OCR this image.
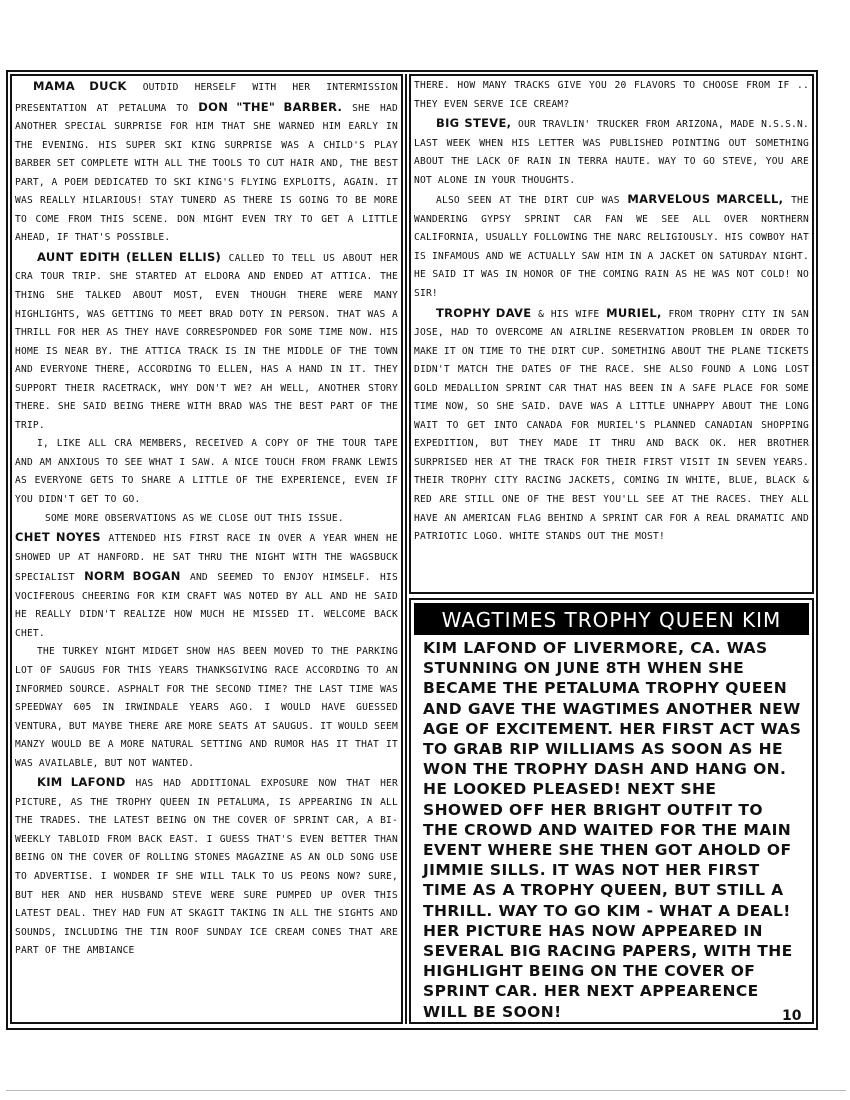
MAMA DUCK OUTDID HERSELF WITH HER INTERMISSION PRESENTATION AT PETALUMA TO DON "THE" BARBER. SHE HAD ANOTHER SPECIAL SURPRISE FOR HIM THAT SHE WARNED HIM EARLY IN THE EVENING. HIS SUPER SKI KING SURPRISE WAS A CHILD'S PLAY BARBER SET COMPLETE WITH ALL THE TOOLS TO CUT HAIR AND, THE BEST PART, A POEM DEDICATED TO SKI KING'S FLYING EXPLOITS, AGAIN. IT WAS REALLY HILARIOUS! STAY TUNERD AS THERE IS GOING TO BE MORE TO COME FROM THIS SCENE. DON MIGHT EVEN TRY TO GET A LITTLE AHEAD, IF THAT'S POSSIBLE.

AUNT EDITH (ELLEN ELLIS) CALLED TO TELL US ABOUT HER CRA TOUR TRIP. SHE STARTED AT ELDORA AND ENDED AT ATTICA. THE THING SHE TALKED ABOUT MOST, EVEN THOUGH THERE WERE MANY HIGHLIGHTS, WAS GETTING TO MEET BRAD DOTY IN PERSON. THAT WAS A THRILL FOR HER AS THEY HAVE CORRESPONDED FOR SOME TIME NOW. HIS HOME IS NEAR BY. THE ATTICA TRACK IS IN THE MIDDLE OF THE TOWN AND EVERYONE THERE, ACCORDING TO ELLEN, HAS A HAND IN IT. THEY SUPPORT THEIR RACETRACK, WHY DON'T WE? AH WELL, ANOTHER STORY THERE. SHE SAID BEING THERE WITH BRAD WAS THE BEST PART OF THE TRIP.

I, LIKE ALL CRA MEMBERS, RECEIVED A COPY OF THE TOUR TAPE AND AM ANXIOUS TO SEE WHAT I SAW. A NICE TOUCH FROM FRANK LEWIS AS EVERYONE GETS TO SHARE A LITTLE OF THE EXPERIENCE, EVEN IF YOU DIDN'T GET TO GO.

SOME MORE OBSERVATIONS AS WE CLOSE OUT THIS ISSUE.

CHET NOYES ATTENDED HIS FIRST RACE IN OVER A YEAR WHEN HE SHOWED UP AT HANFORD. HE SAT THRU THE NIGHT WITH THE WAGSBUCK SPECIALIST NORM BOGAN AND SEEMED TO ENJOY HIMSELF. HIS VOCIFEROUS CHEERING FOR KIM CRAFT WAS NOTED BY ALL AND HE SAID HE REALLY DIDN'T REALIZE HOW MUCH HE MISSED IT. WELCOME BACK CHET.

THE TURKEY NIGHT MIDGET SHOW HAS BEEN MOVED TO THE PARKING LOT OF SAUGUS FOR THIS YEARS THANKSGIVING RACE ACCORDING TO AN INFORMED SOURCE. ASPHALT FOR THE SECOND TIME? THE LAST TIME WAS SPEEDWAY 605 IN IRWINDALE YEARS AGO. I WOULD HAVE GUESSED VENTURA, BUT MAYBE THERE ARE MORE SEATS AT SAUGUS. IT WOULD SEEM MANZY WOULD BE A MORE NATURAL SETTING AND RUMOR HAS IT THAT IT WAS AVAILABLE, BUT NOT WANTED.

KIM LAFOND HAS HAD ADDITIONAL EXPOSURE NOW THAT HER PICTURE, AS THE TROPHY QUEEN IN PETALUMA, IS APPEARING IN ALL THE TRADES. THE LATEST BEING ON THE COVER OF SPRINT CAR, A BI-WEEKLY TABLOID FROM BACK EAST. I GUESS THAT'S EVEN BETTER THAN BEING ON THE COVER OF ROLLING STONES MAGAZINE AS AN OLD SONG USE TO ADVERTISE. I WONDER IF SHE WILL TALK TO US PEONS NOW? SURE, BUT HER AND HER HUSBAND STEVE WERE SURE PUMPED UP OVER THIS LATEST DEAL. THEY HAD FUN AT SKAGIT TAKING IN ALL THE SIGHTS AND SOUNDS, INCLUDING THE TIN ROOF SUNDAY ICE CREAM CONES THAT ARE PART OF THE AMBIANCE

THERE. HOW MANY TRACKS GIVE YOU 20 FLAVORS TO CHOOSE FROM IF .. THEY EVEN SERVE ICE CREAM?

BIG STEVE, OUR TRAVLIN' TRUCKER FROM ARIZONA, MADE N.S.S.N. LAST WEEK WHEN HIS LETTER WAS PUBLISHED POINTING OUT SOMETHING ABOUT THE LACK OF RAIN IN TERRA HAUTE. WAY TO GO STEVE, YOU ARE NOT ALONE IN YOUR THOUGHTS.

ALSO SEEN AT THE DIRT CUP WAS MARVELOUS MARCELL, THE WANDERING GYPSY SPRINT CAR FAN WE SEE ALL OVER NORTHERN CALIFORNIA, USUALLY FOLLOWING THE NARC RELIGIOUSLY. HIS COWBOY HAT IS INFAMOUS AND WE ACTUALLY SAW HIM IN A JACKET ON SATURDAY NIGHT. HE SAID IT WAS IN HONOR OF THE COMING RAIN AS HE WAS NOT COLD! NO SIR!

TROPHY DAVE & HIS WIFE MURIEL, FROM TROPHY CITY IN SAN JOSE, HAD TO OVERCOME AN AIRLINE RESERVATION PROBLEM IN ORDER TO MAKE IT ON TIME TO THE DIRT CUP. SOMETHING ABOUT THE PLANE TICKETS DIDN'T MATCH THE DATES OF THE RACE. SHE ALSO FOUND A LONG LOST GOLD MEDALLION SPRINT CAR THAT HAS BEEN IN A SAFE PLACE FOR SOME TIME NOW, SO SHE SAID. DAVE WAS A LITTLE UNHAPPY ABOUT THE LONG WAIT TO GET INTO CANADA FOR MURIEL'S PLANNED CANADIAN SHOPPING EXPEDITION, BUT THEY MADE IT THRU AND BACK OK. HER BROTHER SURPRISED HER AT THE TRACK FOR THEIR FIRST VISIT IN SEVEN YEARS. THEIR TROPHY CITY RACING JACKETS, COMING IN WHITE, BLUE, BLACK & RED ARE STILL ONE OF THE BEST YOU'LL SEE AT THE RACES. THEY ALL HAVE AN AMERICAN FLAG BEHIND A SPRINT CAR FOR A REAL DRAMATIC AND PATRIOTIC LOGO. WHITE STANDS OUT THE MOST!

WAGTIMES TROPHY QUEEN KIM

KIM LAFOND OF LIVERMORE, CA. WAS STUNNING ON JUNE 8TH WHEN SHE BECAME THE PETALUMA TROPHY QUEEN AND GAVE THE WAGTIMES ANOTHER NEW AGE OF EXCITEMENT. HER FIRST ACT WAS TO GRAB RIP WILLIAMS AS SOON AS HE WON THE TROPHY DASH AND HANG ON. HE LOOKED PLEASED! NEXT SHE SHOWED OFF HER BRIGHT OUTFIT TO THE CROWD AND WAITED FOR THE MAIN EVENT WHERE SHE THEN GOT AHOLD OF JIMMIE SILLS. IT WAS NOT HER FIRST TIME AS A TROPHY QUEEN, BUT STILL A THRILL. WAY TO GO KIM - WHAT A DEAL! HER PICTURE HAS NOW APPEARED IN SEVERAL BIG RACING PAPERS, WITH THE HIGHLIGHT BEING ON THE COVER OF SPRINT CAR. HER NEXT APPEARENCE WILL BE SOON!	10
